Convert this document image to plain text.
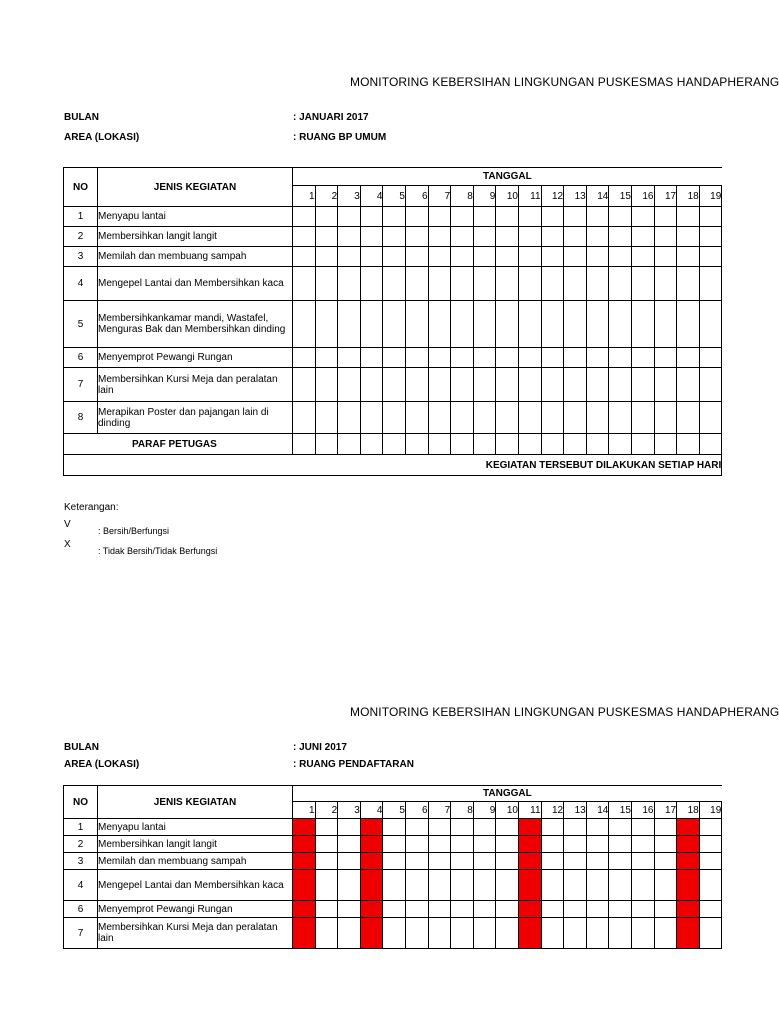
MONITORING KEBERSIHAN LINGKUNGAN PUSKESMAS HANDAPHERANG
BULAN	: JANUARI 2017
AREA (LOKASI)	: RUANG BP UMUM
NO	JENIS KEGIATAN	TANGGAL																		
		1	2	3	4	5	6	7	8	9	10	11	12	13	14	15	16	17	18	19
1	Menyapu lantai																			
2	Membersihkan langit langit																			
3	Memilah dan membuang sampah																			
4	Mengepel Lantai dan Membersihkan kaca																			
5	Membersihkankamar mandi, Wastafel, Menguras Bak dan Membersihkan dinding																			
6	Menyemprot Pewangi Rungan																			
7	Membersihkan Kursi Meja dan peralatan lain																			
8	Merapikan Poster dan pajangan lain di dinding																			
PARAF PETUGAS																				
KEGIATAN TERSEBUT DILAKUKAN SETIAP HARI																				
Keterangan:
V
: Bersih/Berfungsi
X
: Tidak Bersih/Tidak Berfungsi
MONITORING KEBERSIHAN LINGKUNGAN PUSKESMAS HANDAPHERANG
BULAN	: JUNI 2017
AREA (LOKASI)	: RUANG PENDAFTARAN
NO	JENIS KEGIATAN	TANGGAL																		
		1	2	3	4	5	6	7	8	9	10	11	12	13	14	15	16	17	18	19
1	Menyapu lantai																			
2	Membersihkan langit langit																			
3	Memilah dan membuang sampah																			
4	Mengepel Lantai dan Membersihkan kaca																			
6	Menyemprot Pewangi Rungan																			
7	Membersihkan Kursi Meja dan peralatan lain																			
